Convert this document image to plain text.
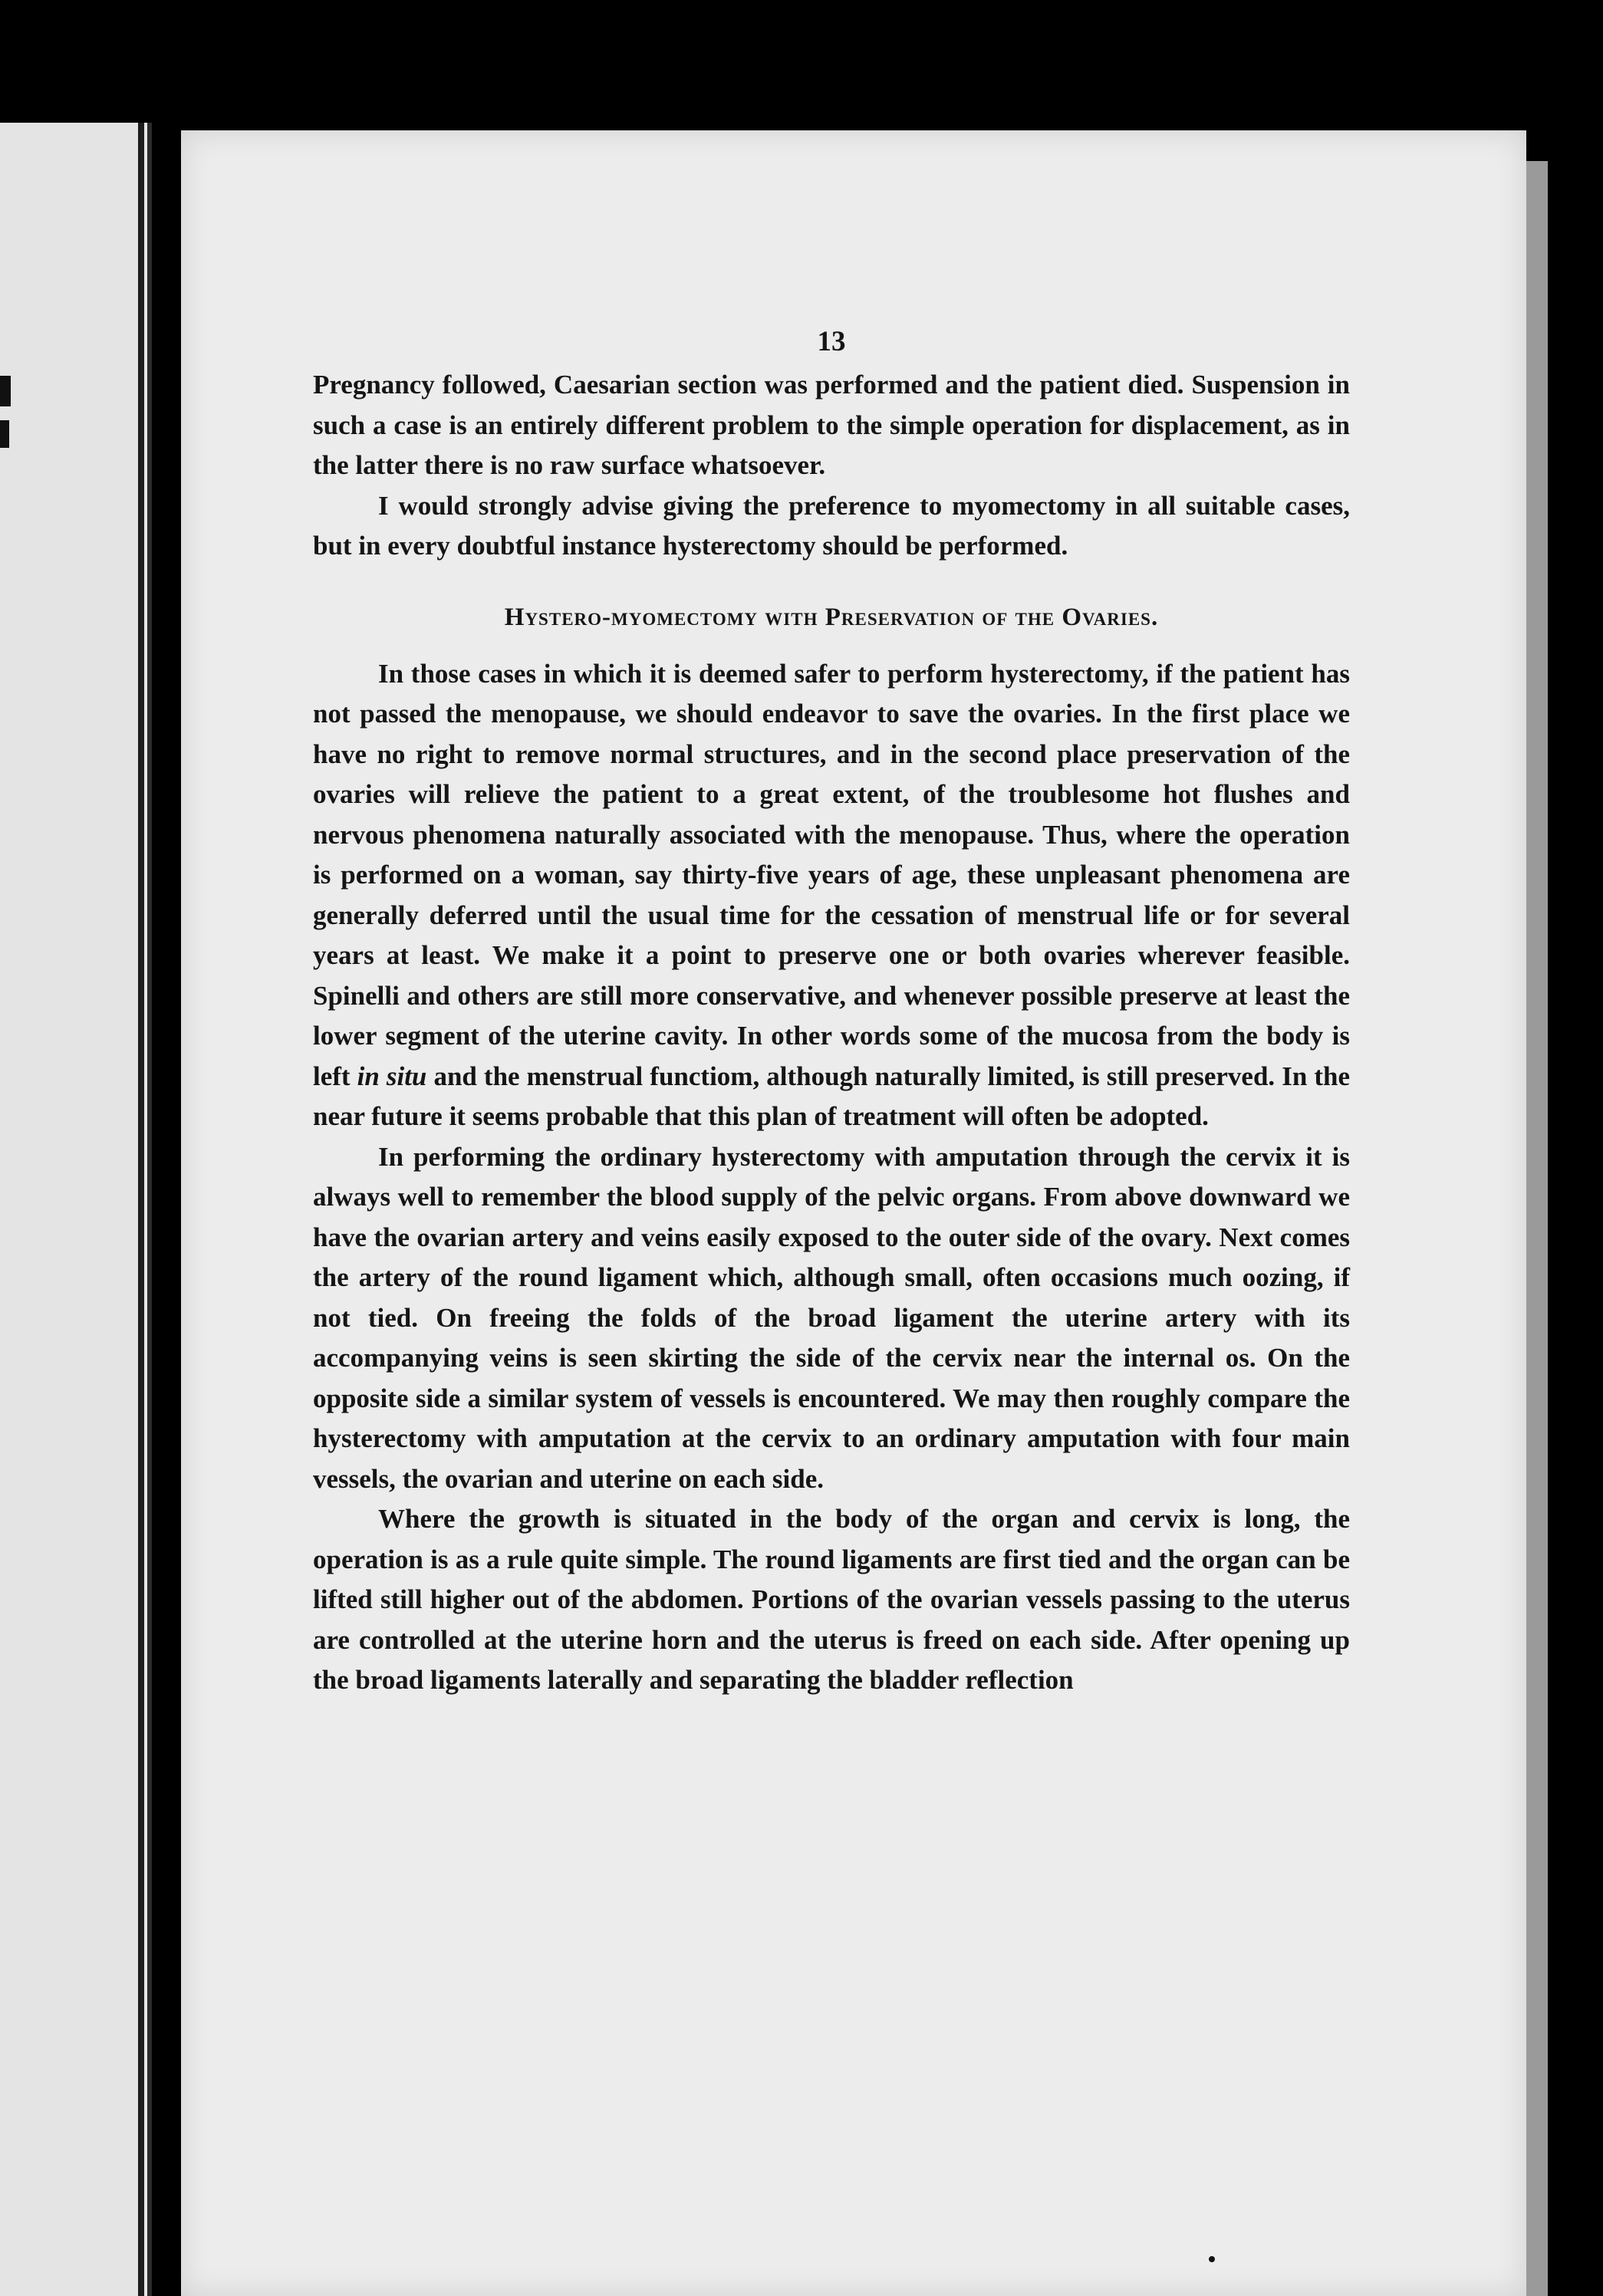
13

Pregnancy followed, Caesarian section was performed and the patient died. Suspension in such a case is an entirely different problem to the simple operation for displacement, as in the latter there is no raw surface whatsoever.

I would strongly advise giving the preference to myomectomy in all suitable cases, but in every doubtful instance hysterectomy should be performed.

Hystero-myomectomy with Preservation of the Ovaries.

In those cases in which it is deemed safer to perform hysterectomy, if the patient has not passed the menopause, we should endeavor to save the ovaries. In the first place we have no right to remove normal structures, and in the second place preservation of the ovaries will relieve the patient to a great extent, of the troublesome hot flushes and nervous phenomena naturally associated with the menopause. Thus, where the operation is performed on a woman, say thirty-five years of age, these unpleasant phenomena are generally deferred until the usual time for the cessation of menstrual life or for several years at least. We make it a point to preserve one or both ovaries wherever feasible. Spinelli and others are still more conservative, and whenever possible preserve at least the lower segment of the uterine cavity. In other words some of the mucosa from the body is left in situ and the menstrual functiom, although naturally limited, is still preserved. In the near future it seems probable that this plan of treatment will often be adopted.

In performing the ordinary hysterectomy with amputation through the cervix it is always well to remember the blood supply of the pelvic organs. From above downward we have the ovarian artery and veins easily exposed to the outer side of the ovary. Next comes the artery of the round ligament which, although small, often occasions much oozing, if not tied. On freeing the folds of the broad ligament the uterine artery with its accompanying veins is seen skirting the side of the cervix near the internal os. On the opposite side a similar system of vessels is encountered. We may then roughly compare the hysterectomy with amputation at the cervix to an ordinary amputation with four main vessels, the ovarian and uterine on each side.

Where the growth is situated in the body of the organ and cervix is long, the operation is as a rule quite simple. The round ligaments are first tied and the organ can be lifted still higher out of the abdomen. Portions of the ovarian vessels passing to the uterus are controlled at the uterine horn and the uterus is freed on each side. After opening up the broad ligaments laterally and separating the bladder reflection
